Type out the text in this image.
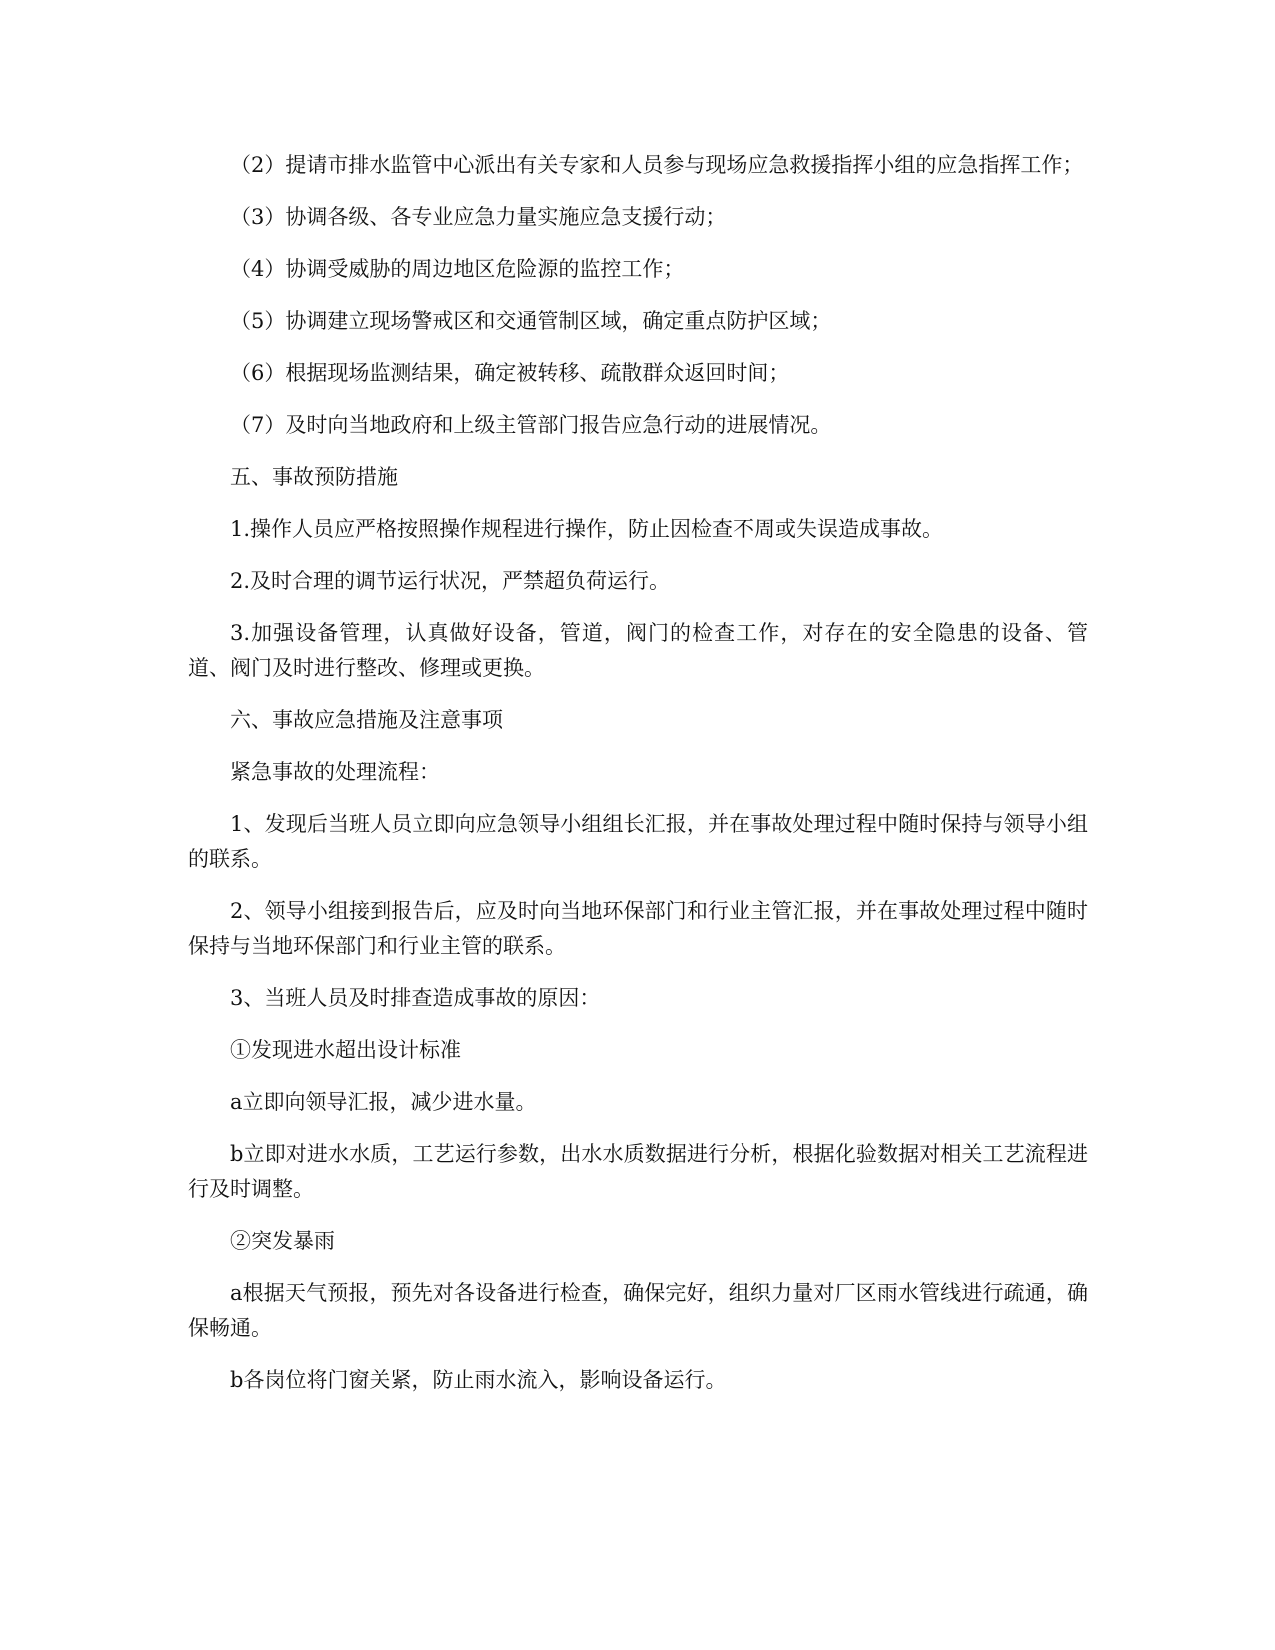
（2）提请市排水监管中心派出有关专家和人员参与现场应急救援指挥小组的应急指挥工作；

（3）协调各级、各专业应急力量实施应急支援行动；

（4）协调受威胁的周边地区危险源的监控工作；

（5）协调建立现场警戒区和交通管制区域，确定重点防护区域；

（6）根据现场监测结果，确定被转移、疏散群众返回时间；

（7）及时向当地政府和上级主管部门报告应急行动的进展情况。

五、事故预防措施

1.操作人员应严格按照操作规程进行操作，防止因检查不周或失误造成事故。

2.及时合理的调节运行状况，严禁超负荷运行。

3.加强设备管理，认真做好设备，管道，阀门的检查工作，对存在的安全隐患的设备、管道、阀门及时进行整改、修理或更换。

六、事故应急措施及注意事项

紧急事故的处理流程：

1、发现后当班人员立即向应急领导小组组长汇报，并在事故处理过程中随时保持与领导小组的联系。

2、领导小组接到报告后，应及时向当地环保部门和行业主管汇报，并在事故处理过程中随时保持与当地环保部门和行业主管的联系。

3、当班人员及时排查造成事故的原因：

①发现进水超出设计标准

a立即向领导汇报，减少进水量。

b立即对进水水质，工艺运行参数，出水水质数据进行分析，根据化验数据对相关工艺流程进行及时调整。

②突发暴雨

a根据天气预报，预先对各设备进行检查，确保完好，组织力量对厂区雨水管线进行疏通，确保畅通。

b各岗位将门窗关紧，防止雨水流入，影响设备运行。
